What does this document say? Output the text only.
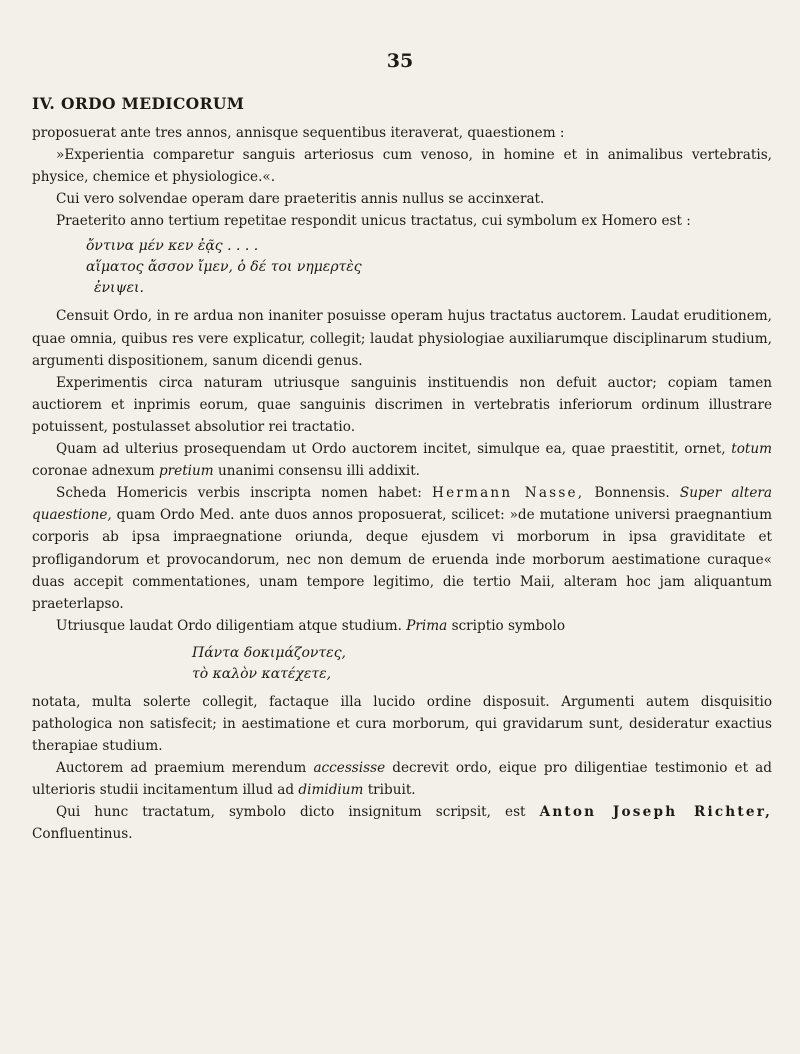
35
IV. ORDO MEDICORUM

proposuerat ante tres annos, annisque sequentibus iteraverat, quaestionem :

»Experientia comparetur sanguis arteriosus cum venoso, in homine et in animalibus vertebratis, physice, chemice et physiologice.«.

Cui vero solvendae operam dare praeteritis annis nullus se accinxerat.

Praeterito anno tertium repetitae respondit unicus tractatus, cui symbolum ex Homero est :

ὄντινα μέν κεν ἐᾷς . . . .
αἵματος ἄσσον ἴμεν, ὁ δέ τοι νημερτὲς
ἐνιψει.

Censuit Ordo, in re ardua non inaniter posuisse operam hujus tractatus auctorem. Laudat eruditionem, quae omnia, quibus res vere explicatur, collegit; laudat physiologiae auxiliarumque disciplinarum studium, argumenti dispositionem, sanum dicendi genus.

Experimentis circa naturam utriusque sanguinis instituendis non defuit auctor; copiam tamen auctiorem et inprimis eorum, quae sanguinis discrimen in vertebratis inferiorum ordinum illustrare potuissent, postulasset absolutior rei tractatio.

Quam ad ulterius prosequendam ut Ordo auctorem incitet, simulque ea, quae praestitit, ornet, totum coronae adnexum pretium unanimi consensu illi addixit.

Scheda Homericis verbis inscripta nomen habet: Hermann Nasse, Bonnensis. Super altera quaestione, quam Ordo Med. ante duos annos proposuerat, scilicet: »de mutatione universi praegnantium corporis ab ipsa impraegnatione oriunda, deque ejusdem vi morborum in ipsa graviditate et profligandorum et provocandorum, nec non demum de eruenda inde morborum aestimatione curaque« duas accepit commentationes, unam tempore legitimo, die tertio Maii, alteram hoc jam aliquantum praeterlapso.

Utriusque laudat Ordo diligentiam atque studium. Prima scriptio symbolo

Πάντα δοκιμάζοντες,
τὸ καλὸν κατέχετε,

notata, multa solerte collegit, factaque illa lucido ordine disposuit. Argumenti autem disquisitio pathologica non satisfecit; in aestimatione et cura morborum, qui gravidarum sunt, desideratur exactius therapiae studium.

Auctorem ad praemium merendum accessisse decrevit ordo, eique pro diligentiae testimonio et ad ulterioris studii incitamentum illud ad dimidium tribuit.

Qui hunc tractatum, symbolo dicto insignitum scripsit, est Anton Joseph Richter, Confluentinus.
